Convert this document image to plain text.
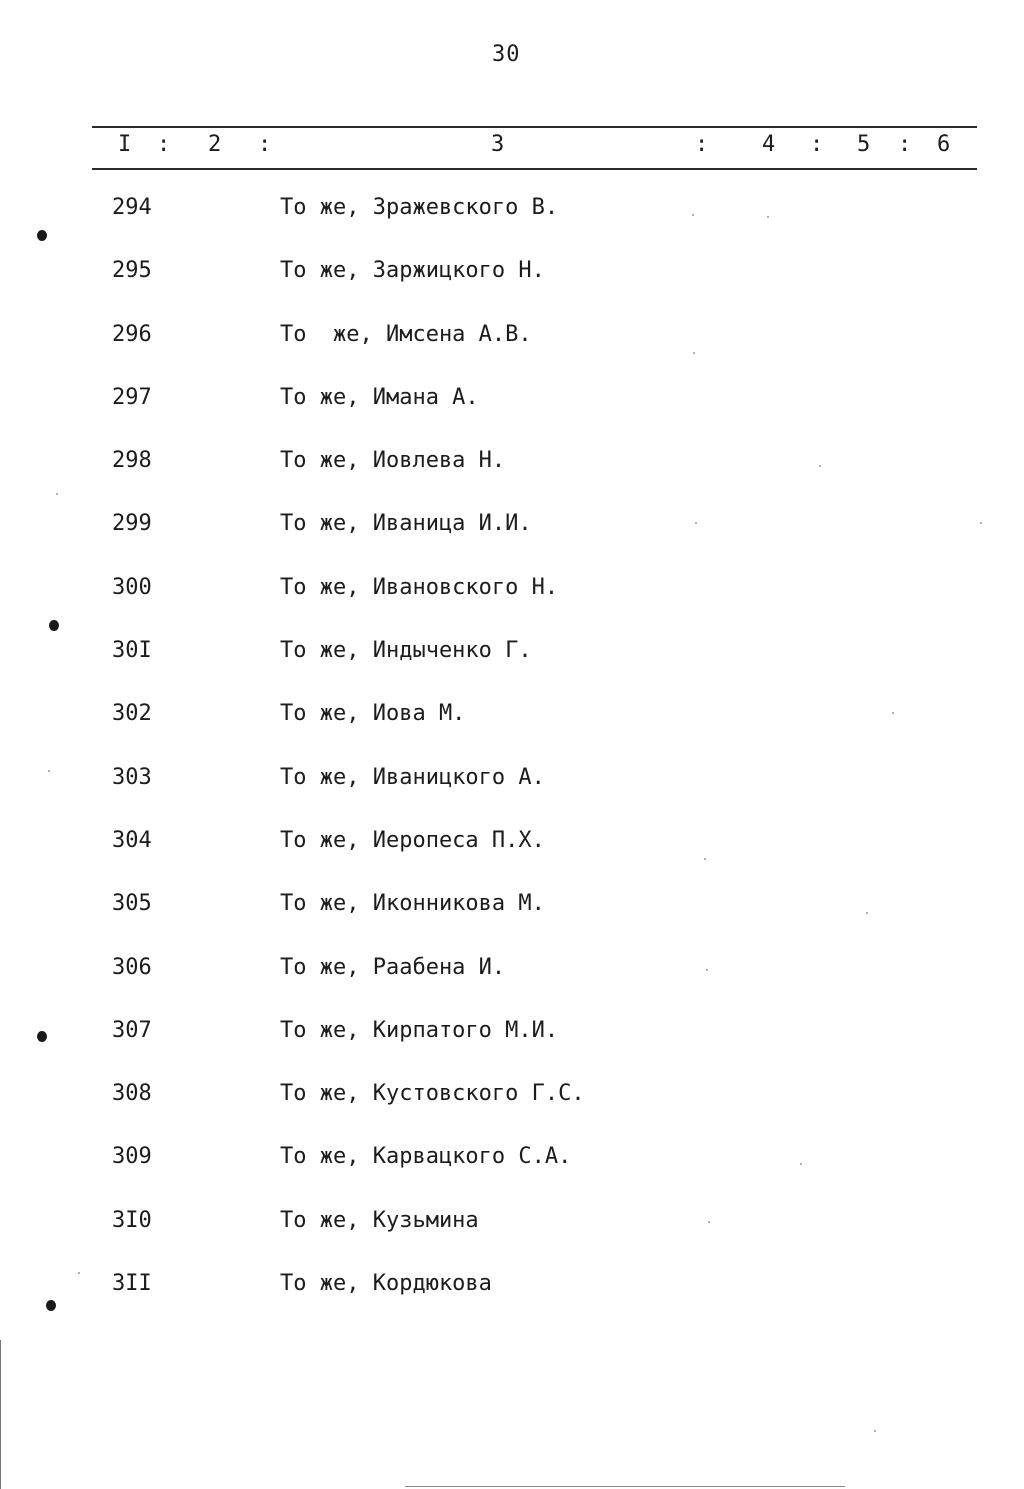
30
I : 2 :	3	: 4 : 5 : 6
294	То же, Зражевского В.
295	То же, Заржицкого Н.
296	То  же, Имсена А.В.
297	То же, Имана А.
298	То же, Иовлева Н.
299	То же, Иваница И.И.
300	То же, Ивановского Н.
30I	То же, Индыченко Г.
302	То же, Иова М.
303	То же, Иваницкого А.
304	То же, Иеропеса П.Х.
305	То же, Иконникова М.
306	То же, Раабена И.
307	То же, Кирпатого М.И.
308	То же, Кустовского Г.С.
309	То же, Карвацкого С.А.
3I0	То же, Кузьмина
3II	То же, Кордюкова
